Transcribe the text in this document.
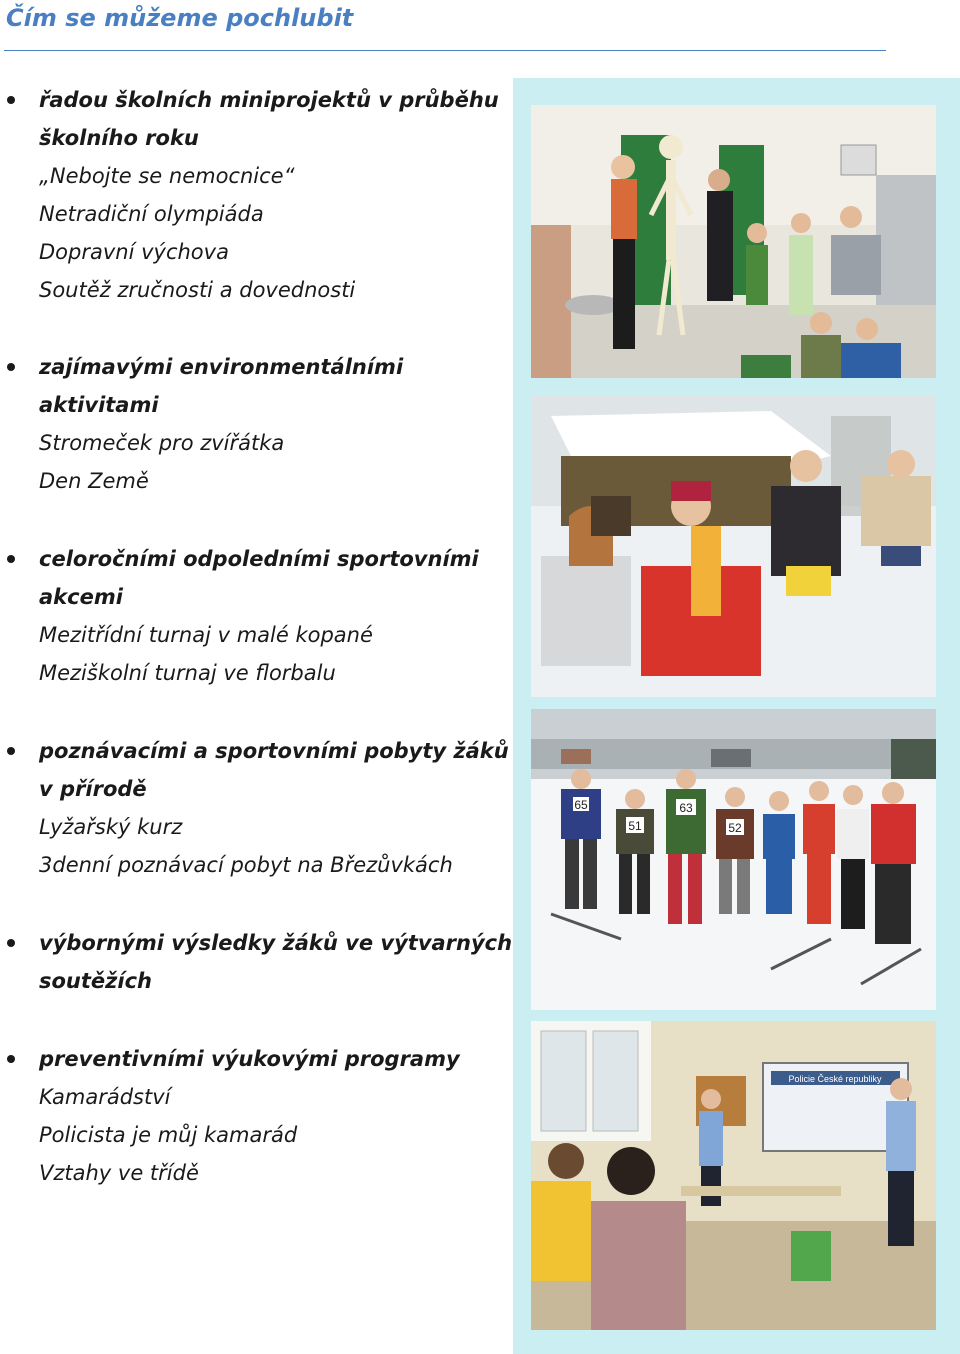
Čím se můžeme pochlubit
řadou školních miniprojektů v průběhu
školního roku
„Nebojte se nemocnice“
Netradiční olympiáda
Dopravní výchova
Soutěž zručnosti a dovednosti
zajímavými environmentálními
aktivitami
Stromeček pro zvířátka
Den Země
celoročními odpoledními sportovními
akcemi
Mezitřídní turnaj v malé kopané
Meziškolní turnaj ve florbalu
poznávacími a sportovními pobyty žáků
v přírodě
Lyžařský kurz
3denní poznávací pobyt na Březůvkách
výbornými výsledky žáků ve výtvarných
soutěžích
preventivními výukovými programy
Kamarádství
Policista je můj kamarád
Vztahy ve třídě
65
51
63
52
Policie České republiky
